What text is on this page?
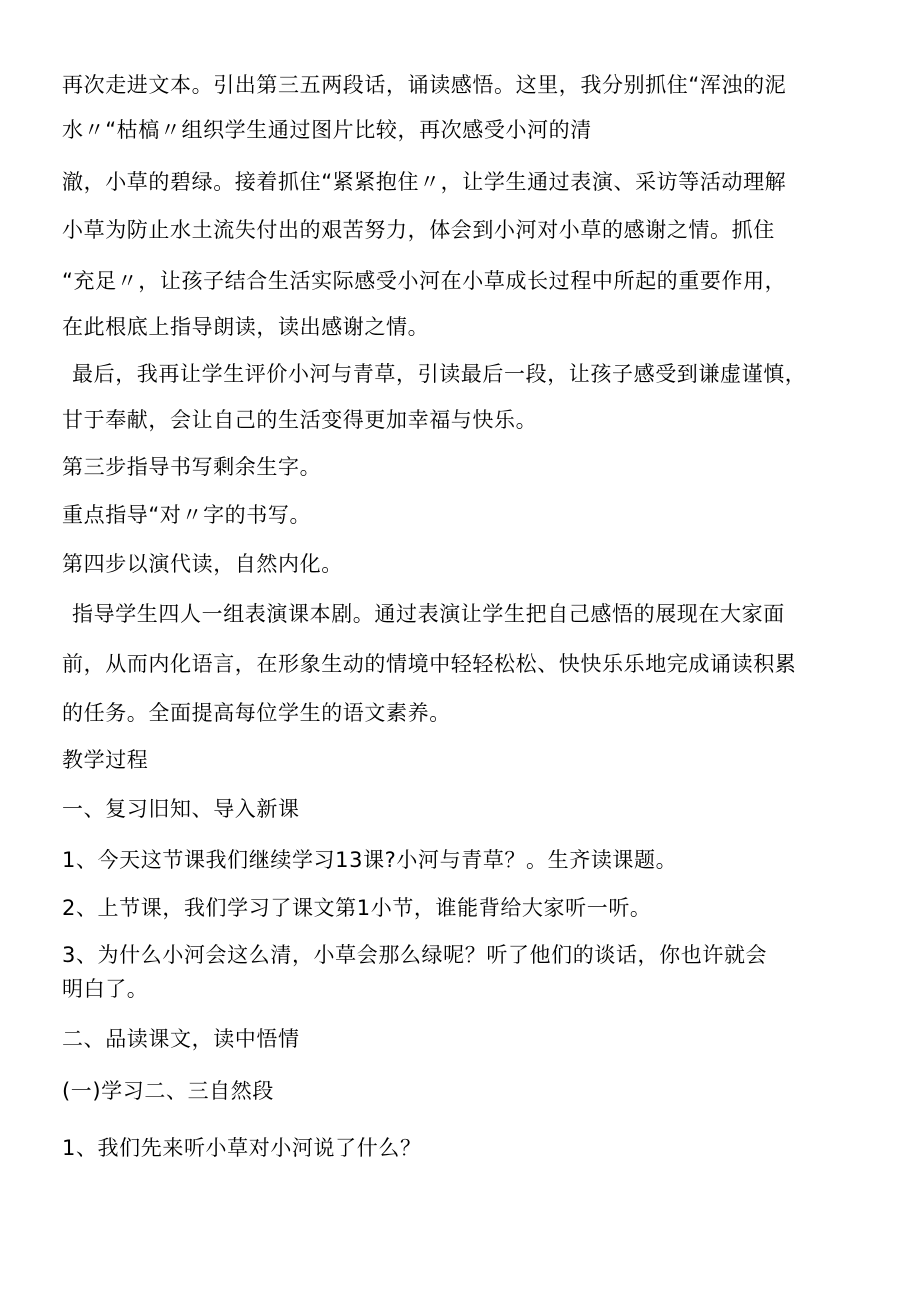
再次走进文本。引出第三五两段话，诵读感悟。这里，我分别抓住“浑浊的泥
水〃“枯槁〃组织学生通过图片比较，再次感受小河的清
澈，小草的碧绿。接着抓住“紧紧抱住〃，让学生通过表演、采访等活动理解
小草为防止水土流失付出的艰苦努力，体会到小河对小草的感谢之情。抓住
“充足〃，让孩子结合生活实际感受小河在小草成长过程中所起的重要作用，
在此根底上指导朗读，读出感谢之情。
最后，我再让学生评价小河与青草，引读最后一段，让孩子感受到谦虚谨慎，
甘于奉献，会让自己的生活变得更加幸福与快乐。
第三步指导书写剩余生字。
重点指导“对〃字的书写。
第四步以演代读，自然内化。
指导学生四人一组表演课本剧。通过表演让学生把自己感悟的展现在大家面
前，从而内化语言，在形象生动的情境中轻轻松松、快快乐乐地完成诵读积累
的任务。全面提高每位学生的语文素养。
教学过程
一、复习旧知、导入新课
1、今天这节课我们继续学习13课?小河与青草？。生齐读课题。
2、上节课，我们学习了课文第1小节，谁能背给大家听一听。
3、为什么小河会这么清，小草会那么绿呢？听了他们的谈话，你也许就会
明白了。
二、品读课文，读中悟情
(一)学习二、三自然段
1、我们先来听小草对小河说了什么？
